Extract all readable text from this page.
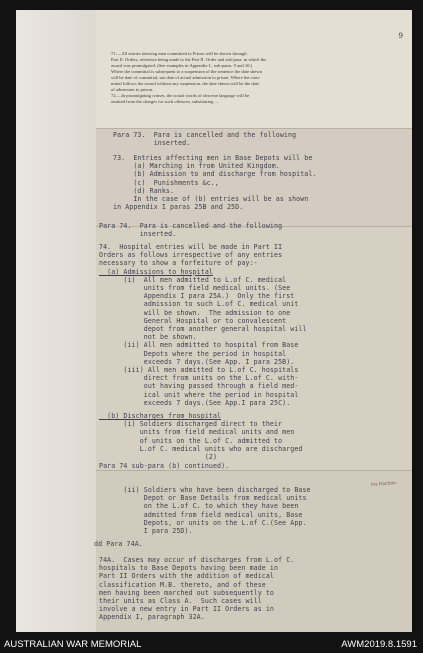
9
71.—All entries shewing men committed to Prison will be shewn through
Part II. Orders, reference being made to the Part II. Order and sub-para. in which the
award was promulgated. (See examples in Appendix I., sub-paras. 9 and 10.)
Where the committal is subsequent to a suspension of the sentence the date shewn
will be date of committal, not date of actual admission to prison. Where the com-
mittal follows the award without any suspension, the date shewn will be the date
of admission to prison.
72.—In promulgating crimes, the actual words of obscene language will be
omitted from the charges for such offences, substituting ...
Para 73.  Para is cancelled and the following
inserted.
73.  Entries affecting men in Base Depots will be
(a) Marching in from United Kingdom.
(b) Admission to and discharge from hospital.
(c)  Punishments &c.,
(d) Ranks.
In the case of (b) entries will be as shown
in Appendix I paras 25B and 25D.
Para 74.  Para is cancelled and the following
inserted.
74.  Hospital entries will be made in Part II
Orders as follows irrespective of any entries
necessary to show a forfeiture of pay:-
(a) Admissions to hospital
(i)  All men admitted to L.of C. medical
units from field medical units. (See
Appendix I para 25A.)  Only the first
admission to such L.of C. medical unit
will be shown.  The admission to one
General Hospital or to convalescent
depot from another general hospital will
not be shown.
(ii) All men admitted to hospital from Base
Depots where the period in hospital
exceeds 7 days.(See App. I para 25B).
(iii) All men admitted to L.of C. hospitals
direct from units on the L.of C. with-
out having passed through a field med-
ical unit where the period in hospital
exceeds 7 days.(See App.I para 25C).
(b) Discharges from hospital
(i) Soldiers discharged direct to their
units from field medical units and men
of units on the L.of C. admitted to
L.of C. medical units who are discharged
(2)
Para 74 sub-para (b) continued).
(ii) Soldiers who have been discharged to Base
Depot or Base Details from medical units
on the L.of C. to which they have been
admitted from field medical units, Base
Depots, or units on the L.of C.(See App.
I para 25D).
dd Para 74A.
74A.  Cases may occur of discharges from L.of C.
hospitals to Base Depots having been made in
Part II Orders with the addition of medical
classification M.B. thereto, and of these
men having been marched out subsequently to
their units as Class A.  Such cases will
involve a new entry in Part II Orders as in
Appendix I, paragraph 32A.
Ins fraction
AUSTRALIAN WAR MEMORIAL	AWM2019.8.1591
